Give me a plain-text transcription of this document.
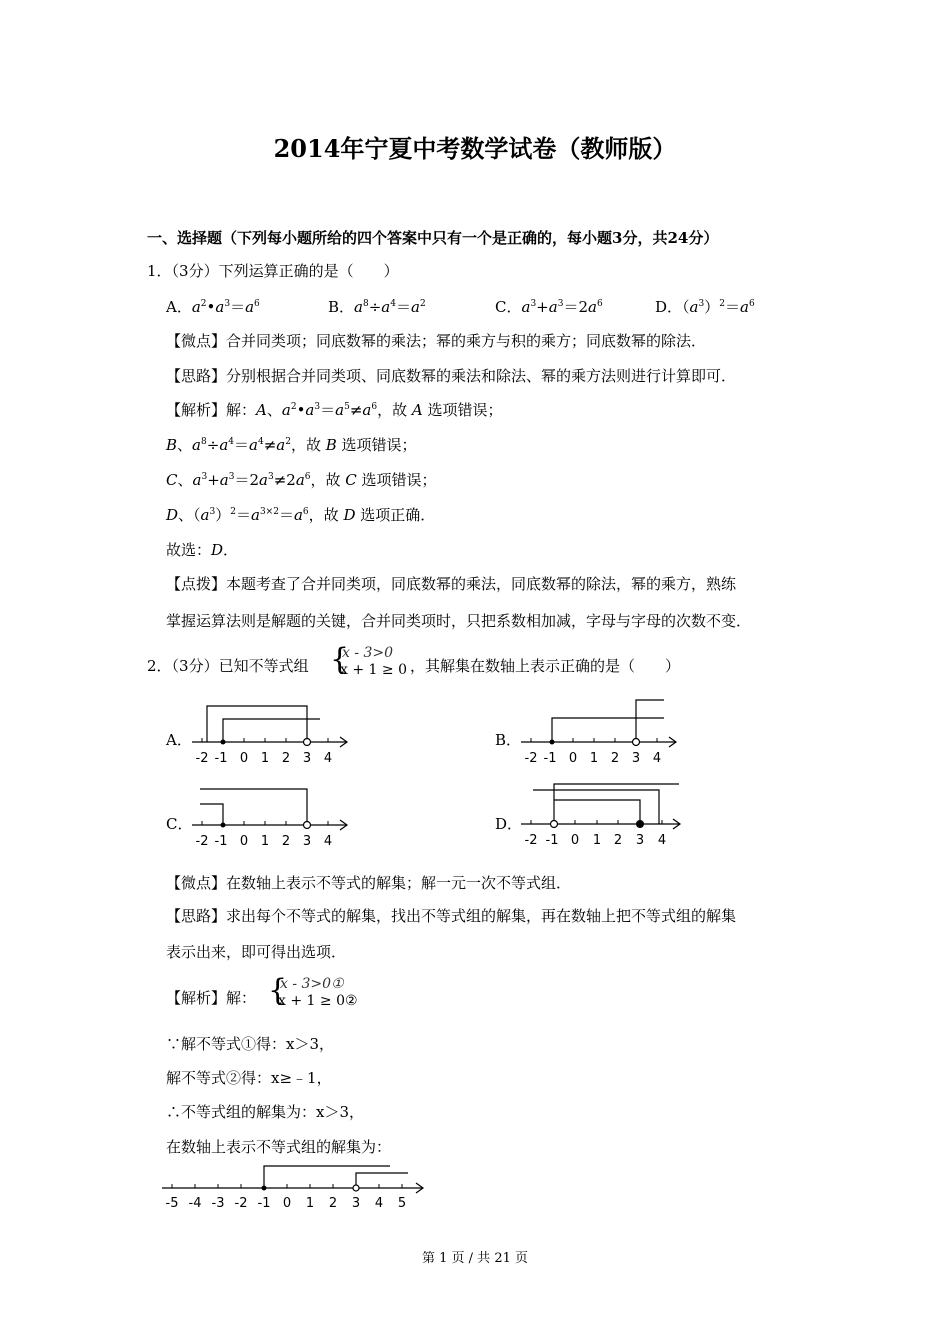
2014年宁夏中考数学试卷（教师版）
一、选择题（下列每小题所给的四个答案中只有一个是正确的，每小题3分，共24分）
1．（3分）下列运算正确的是（　　）
A．$a^2•a^3=a^6$	B．$a^8\div a^4=a^2$	C．$a^3+a^3=2a^6$	D．$(a^3)^2=a^6$
【微点】合并同类项；同底数幂的乘法；幂的乘方与积的乘方；同底数幂的除法．
【思路】分别根据合并同类项、同底数幂的乘法和除法、幂的乘方法则进行计算即可．
【解析】解：A、$a^2•a^3=a^5\ne a^6$，故 A 选项错误；
B、$a^8\div a^4=a^4\ne a^2$，故 B 选项错误；
C、$a^3+a^3=2a^3\ne 2a^6$，故 C 选项错误；
D、$(a^3)^2=a^{3\times 2}=a^6$，故 D 选项正确．
故选：D．
【点拨】本题考查了合并同类项，同底数幂的乘法，同底数幂的除法，幂的乘方，熟练
掌握运算法则是解题的关键，合并同类项时，只把系数相加减，字母与字母的次数不变．
2．（3分）已知不等式组 {
x - 3>0
x + 1 ≥ 0 ，其解集在数轴上表示正确的是（　　）
A．
-2 -1 0 1 2 3 4
B．
-2 -1 0 1 2 3 4
C．
-2 -1 0 1 2 3 4
D．
-2 -1 0 1 2 3 4
【微点】在数轴上表示不等式的解集；解一元一次不等式组．
【思路】求出每个不等式的解集，找出不等式组的解集，再在数轴上把不等式组的解集
表示出来，即可得出选项．
【解析】解： {
x - 3>0①
x + 1 ≥ 0②
∵解不等式①得：x＞3，
解不等式②得：x≥﹣1，
∴不等式组的解集为：x＞3，
在数轴上表示不等式组的解集为：
-5 -4 -3 -2 -1 0 1 2 3 4 5
第 1 页 / 共 21 页
